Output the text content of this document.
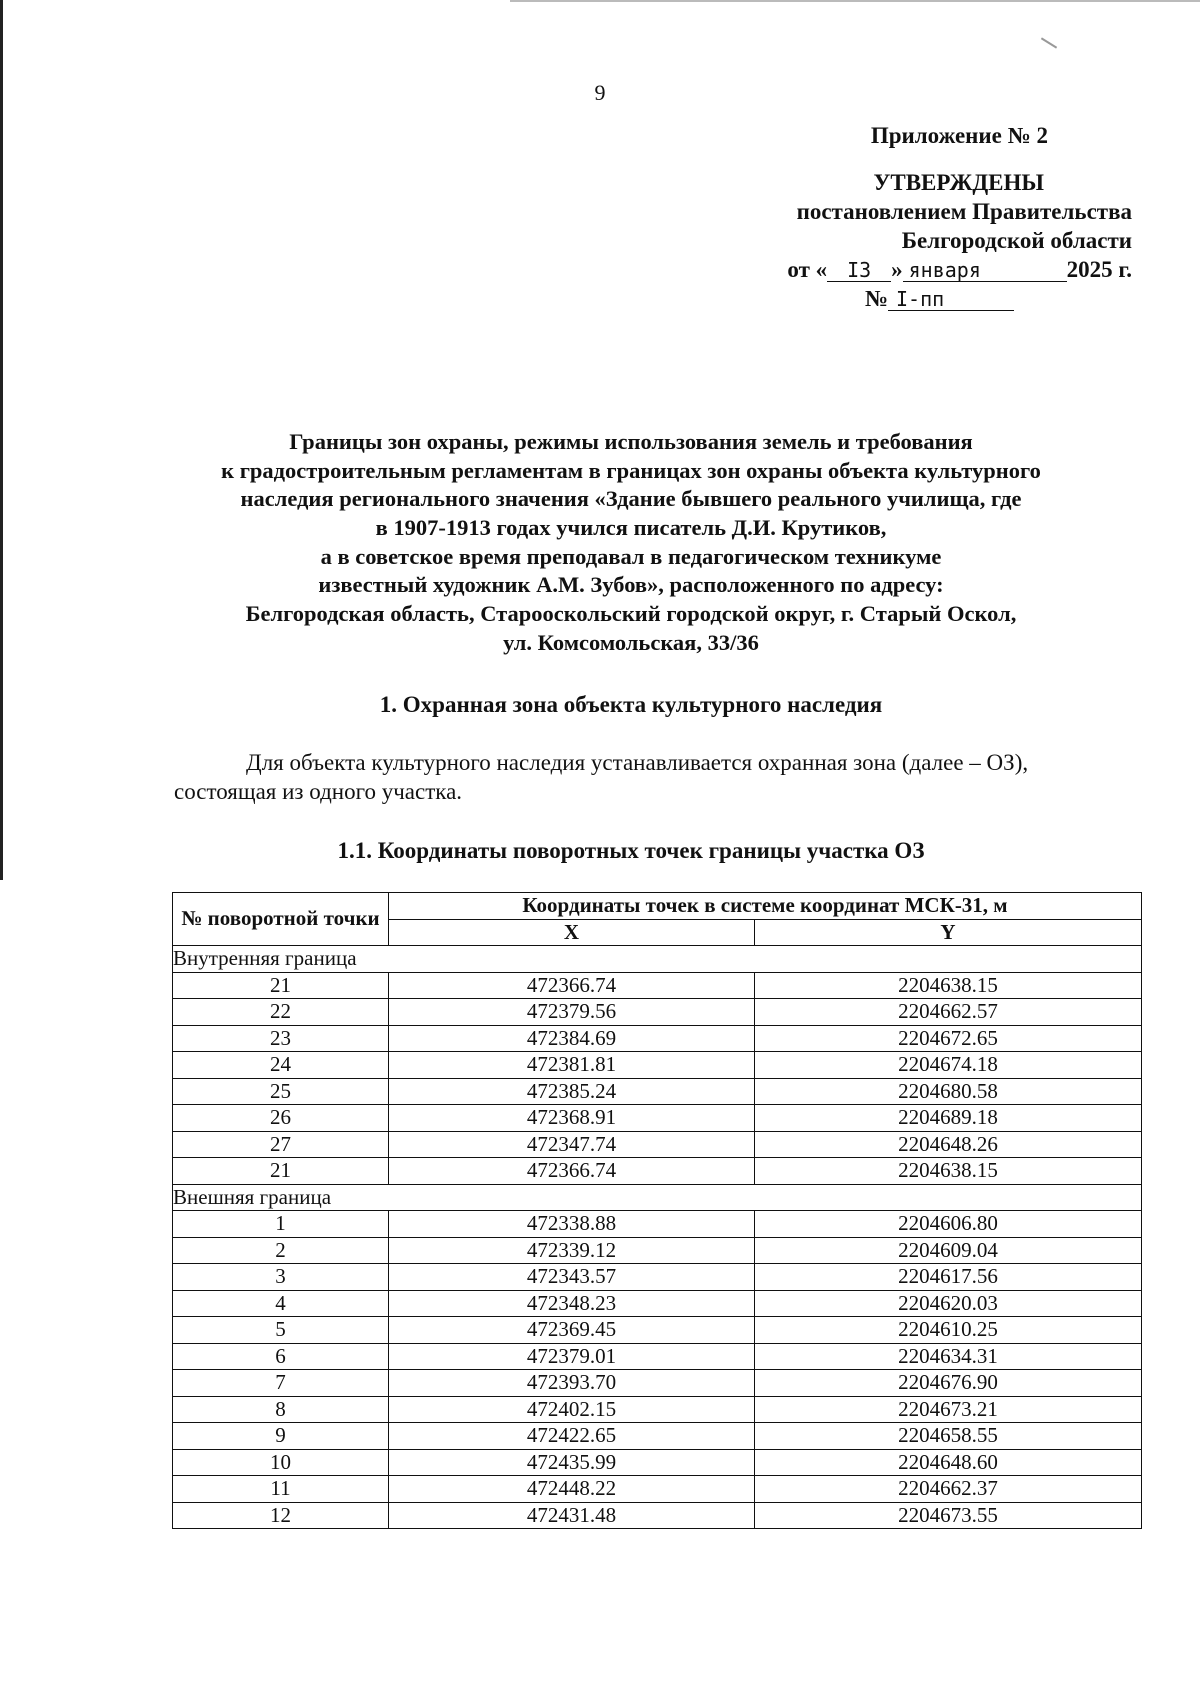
9
Приложение № 2
УТВЕРЖДЕНЫ
постановлением Правительства
Белгородской области
от « I3 » января	2025 г.
№ I-пп
Границы зон охраны, режимы использования земель и требования
к градостроительным регламентам в границах зон охраны объекта культурного
наследия регионального значения «Здание бывшего реального училища, где
в 1907-1913 годах учился писатель Д.И. Крутиков,
а в советское время преподавал в педагогическом техникуме
известный художник А.М. Зубов», расположенного по адресу:
Белгородская область, Старооскольский городской округ, г. Старый Оскол,
ул. Комсомольская, 33/36
1. Охранная зона объекта культурного наследия
Для объекта культурного наследия устанавливается охранная зона (далее – ОЗ),
состоящая из одного участка.
1.1. Координаты поворотных точек границы участка ОЗ
№ поворотной точки	Координаты точек в системе координат МСК-31, м	
	X	Y
Внутренняя граница		
21	472366.74	2204638.15
22	472379.56	2204662.57
23	472384.69	2204672.65
24	472381.81	2204674.18
25	472385.24	2204680.58
26	472368.91	2204689.18
27	472347.74	2204648.26
21	472366.74	2204638.15
Внешняя граница		
1	472338.88	2204606.80
2	472339.12	2204609.04
3	472343.57	2204617.56
4	472348.23	2204620.03
5	472369.45	2204610.25
6	472379.01	2204634.31
7	472393.70	2204676.90
8	472402.15	2204673.21
9	472422.65	2204658.55
10	472435.99	2204648.60
11	472448.22	2204662.37
12	472431.48	2204673.55
